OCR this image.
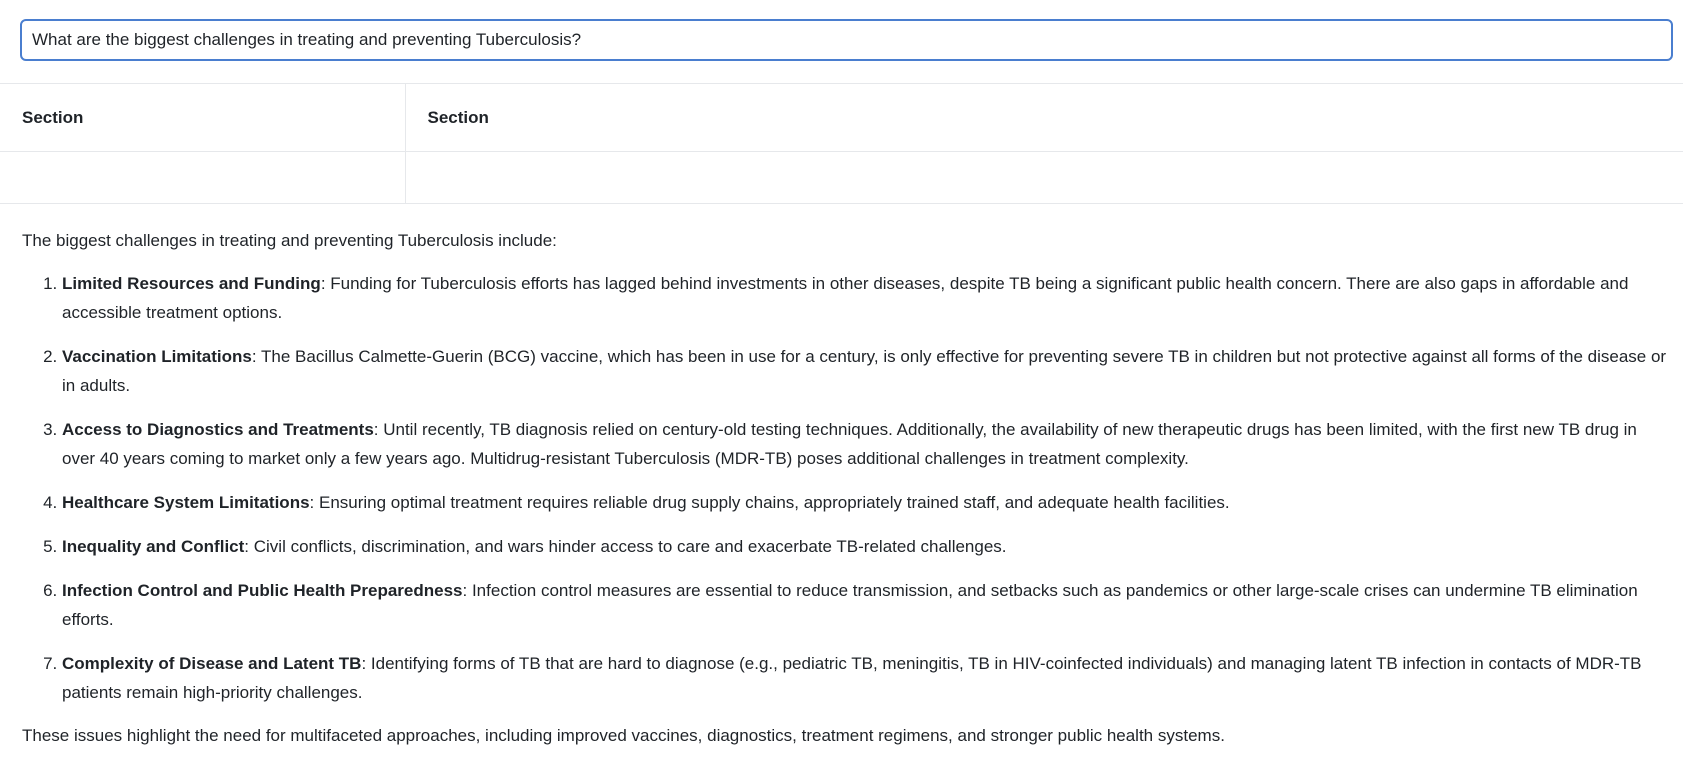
What are the biggest challenges in treating and preventing Tuberculosis?
Section	Section

The biggest challenges in treating and preventing Tuberculosis include:

1. Limited Resources and Funding: Funding for Tuberculosis efforts has lagged behind investments in other diseases, despite TB being a significant public health concern. There are also gaps in affordable and accessible treatment options.
2. Vaccination Limitations: The Bacillus Calmette-Guerin (BCG) vaccine, which has been in use for a century, is only effective for preventing severe TB in children but not protective against all forms of the disease or in adults.
3. Access to Diagnostics and Treatments: Until recently, TB diagnosis relied on century-old testing techniques. Additionally, the availability of new therapeutic drugs has been limited, with the first new TB drug in over 40 years coming to market only a few years ago. Multidrug-resistant Tuberculosis (MDR-TB) poses additional challenges in treatment complexity.
4. Healthcare System Limitations: Ensuring optimal treatment requires reliable drug supply chains, appropriately trained staff, and adequate health facilities.
5. Inequality and Conflict: Civil conflicts, discrimination, and wars hinder access to care and exacerbate TB-related challenges.
6. Infection Control and Public Health Preparedness: Infection control measures are essential to reduce transmission, and setbacks such as pandemics or other large-scale crises can undermine TB elimination efforts.
7. Complexity of Disease and Latent TB: Identifying forms of TB that are hard to diagnose (e.g., pediatric TB, meningitis, TB in HIV-coinfected individuals) and managing latent TB infection in contacts of MDR-TB patients remain high-priority challenges.

These issues highlight the need for multifaceted approaches, including improved vaccines, diagnostics, treatment regimens, and stronger public health systems.
